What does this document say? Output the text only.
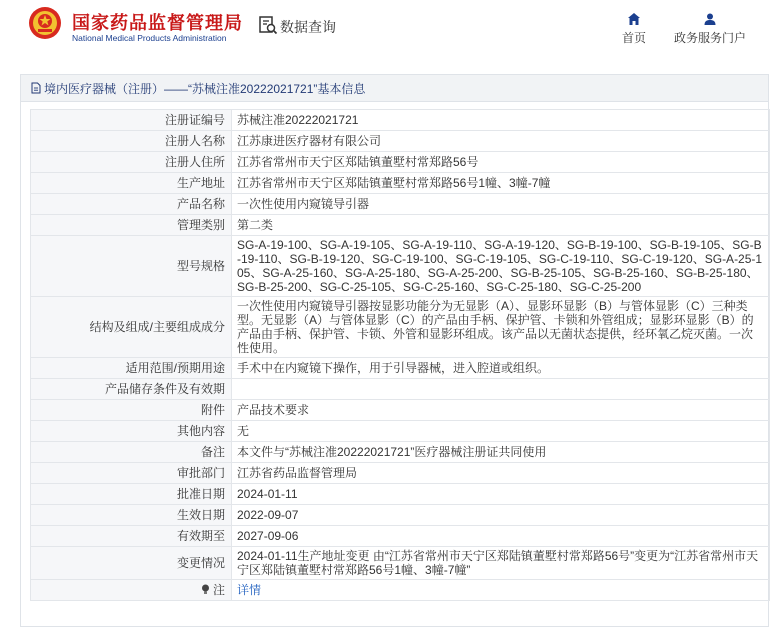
国家药品监督管理局
National Medical Products Administration
数据查询
首页	政务服务门户
境内医疗器械（注册）——“苏械注准20222021721”基本信息
注册证编号	苏械注准20222021721
注册人名称	江苏康进医疗器材有限公司
注册人住所	江苏省常州市天宁区郑陆镇董墅村常郑路56号
生产地址	江苏省常州市天宁区郑陆镇董墅村常郑路56号1幢、3幢-7幢
产品名称	一次性使用内窥镜导引器
管理类别	第二类
型号规格	SG-A-19-100、SG-A-19-105、SG-A-19-110、SG-A-19-120、SG-B-19-100、SG-B-19-105、SG-B-19-110、SG-B-19-120、SG-C-19-100、SG-C-19-105、SG-C-19-110、SG-C-19-120、SG-A-25-105、SG-A-25-160、SG-A-25-180、SG-A-25-200、SG-B-25-105、SG-B-25-160、SG-B-25-180、SG-B-25-200、SG-C-25-105、SG-C-25-160、SG-C-25-180、SG-C-25-200
结构及组成/主要组成成分	一次性使用内窥镜导引器按显影功能分为无显影（A）、显影环显影（B）与管体显影（C）三种类型。无显影（A）与管体显影（C）的产品由手柄、保护管、卡锁和外管组成；显影环显影（B）的产品由手柄、保护管、卡锁、外管和显影环组成。该产品以无菌状态提供，经环氧乙烷灭菌。一次性使用。
适用范围/预期用途	手术中在内窥镜下操作，用于引导器械，进入腔道或组织。
产品储存条件及有效期	
附件	产品技术要求
其他内容	无
备注	本文件与“苏械注准20222021721”医疗器械注册证共同使用
审批部门	江苏省药品监督管理局
批准日期	2024-01-11
生效日期	2022-09-07
有效期至	2027-09-06
变更情况	2024-01-11生产地址变更 由“江苏省常州市天宁区郑陆镇董墅村常郑路56号”变更为“江苏省常州市天宁区郑陆镇董墅村常郑路56号1幢、3幢-7幢”
注	详情
